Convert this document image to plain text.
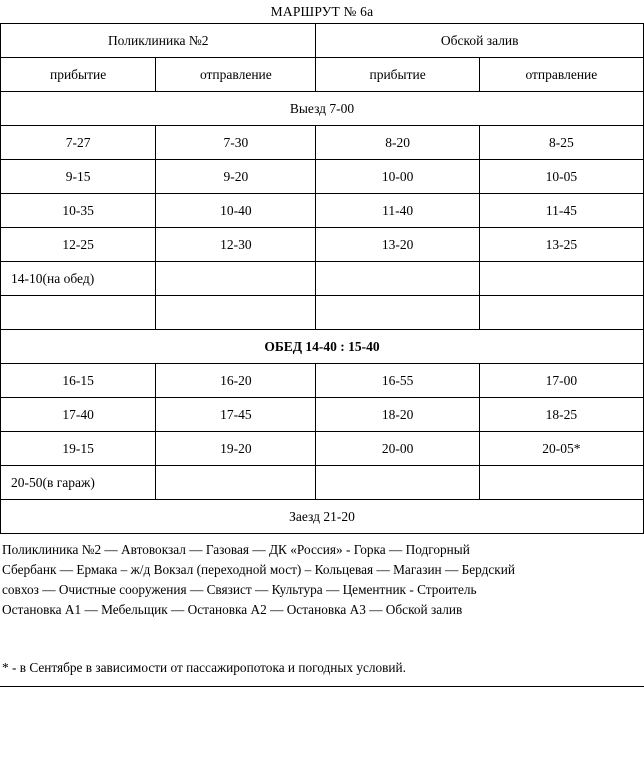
МАРШРУТ № 6а
Поликлиника №2		Обской залив	
прибытие	отправление	прибытие	отправление
Выезд 7-00			
7-27	7-30	8-20	8-25
9-15	9-20	10-00	10-05
10-35	10-40	11-40	11-45
12-25	12-30	13-20	13-25
14-10(на обед)			

ОБЕД 14-40 : 15-40			
16-15	16-20	16-55	17-00
17-40	17-45	18-20	18-25
19-15	19-20	20-00	20-05*
20-50(в гараж)			
Заезд 21-20			
Поликлиника №2 — Автовокзал — Газовая — ДК «Россия» - Горка — Подгорный
Сбербанк — Ермака – ж/д Вокзал (переходной мост) – Кольцевая — Магазин — Бердский
совхоз — Очистные сооружения — Связист — Культура — Цементник - Строитель
Остановка А1 — Мебельщик — Остановка А2 — Остановка А3 — Обской залив
* - в Сентябре в зависимости от пассажиропотока и погодных условий.
